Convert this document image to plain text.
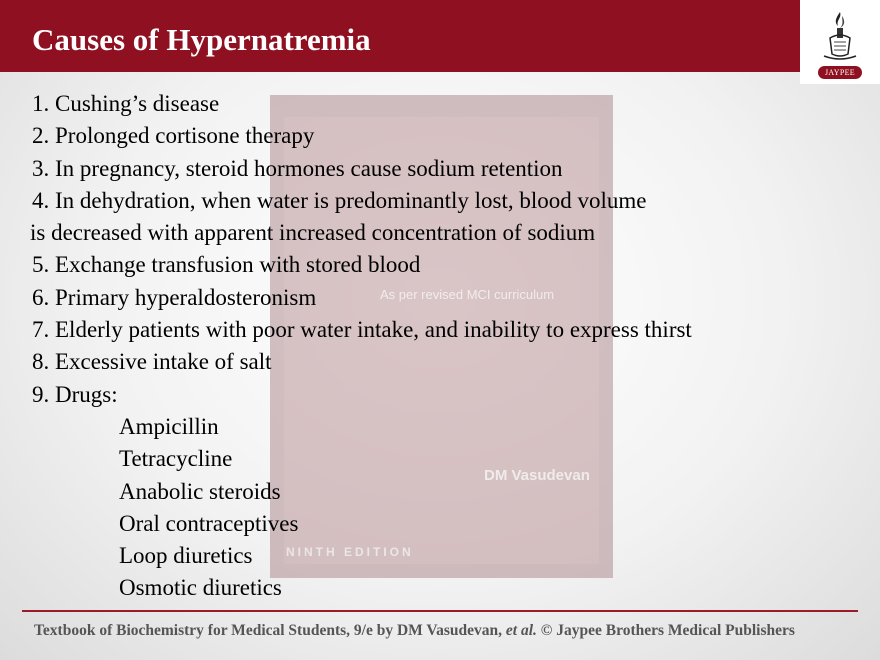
Causes of Hypernatremia
JAYPEE
As per revised MCI curriculum
DM Vasudevan
NINTH EDITION
1. Cushing’s disease
2. Prolonged cortisone therapy
3. In pregnancy, steroid hormones cause sodium retention
4. In dehydration, when water is predominantly lost, blood volume
is decreased with apparent increased concentration of sodium
5. Exchange transfusion with stored blood
6. Primary hyperaldosteronism
7. Elderly patients with poor water intake, and inability to express thirst
8. Excessive intake of salt
9. Drugs:
Ampicillin
Tetracycline
Anabolic steroids
Oral contraceptives
Loop diuretics
Osmotic diuretics
Textbook of Biochemistry for Medical Students, 9/e by DM Vasudevan, et al. © Jaypee Brothers Medical Publishers
